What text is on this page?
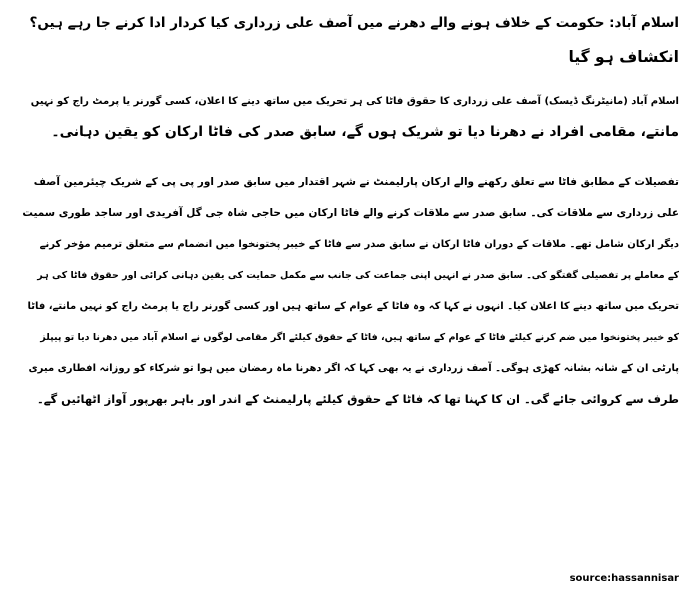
اسلام آباد: حکومت کے خلاف ہونے والے دھرنے میں آصف علی زرداری کیا کردار ادا کرنے جا رہے ہیں؟
انکشاف ہو گیا

اسلام آباد (مانیٹرنگ ڈیسک) آصف علی زرداری کا حقوق فاٹا کی ہر تحریک میں ساتھ دینے کا اعلان، کسی گورنر یا پرمٹ راج کو نہیں
مانتے، مقامی افراد نے دھرنا دیا تو شریک ہوں گے، سابق صدر کی فاٹا ارکان کو یقین دہانی۔

تفصیلات کے مطابق فاٹا سے تعلق رکھنے والے ارکان پارلیمنٹ نے شہر اقتدار میں سابق صدر اور پی پی کے شریک چیئرمین آصف
علی زرداری سے ملاقات کی۔ سابق صدر سے ملاقات کرنے والے فاٹا ارکان میں حاجی شاہ جی گل آفریدی اور ساجد طوری سمیت
دیگر ارکان شامل تھے۔ ملاقات کے دوران فاٹا ارکان نے سابق صدر سے فاٹا کے خیبر پختونخوا میں انضمام سے متعلق ترمیم مؤخر کرنے
کے معاملے پر تفصیلی گفتگو کی۔ سابق صدر نے انہیں اپنی جماعت کی جانب سے مکمل حمایت کی یقین دہانی کرائی اور حقوق فاٹا کی ہر
تحریک میں ساتھ دینے کا اعلان کیا۔ انہوں نے کہا کہ وہ فاٹا کے عوام کے ساتھ ہیں اور کسی گورنر راج یا پرمٹ راج کو نہیں مانتے، فاٹا
کو خیبر پختونخوا میں ضم کرنے کیلئے فاٹا کے عوام کے ساتھ ہیں، فاٹا کے حقوق کیلئے اگر مقامی لوگوں نے اسلام آباد میں دھرنا دیا تو پیپلز
پارٹی ان کے شانہ بشانہ کھڑی ہوگی۔ آصف زرداری نے یہ بھی کہا کہ اگر دھرنا ماہ رمضان میں ہوا تو شرکاء کو روزانہ افطاری میری
طرف سے کروائی جائے گی۔ ان کا کہنا تھا کہ فاٹا کے حقوق کیلئے پارلیمنٹ کے اندر اور باہر بھرپور آواز اٹھائیں گے۔

source:hassannisar
